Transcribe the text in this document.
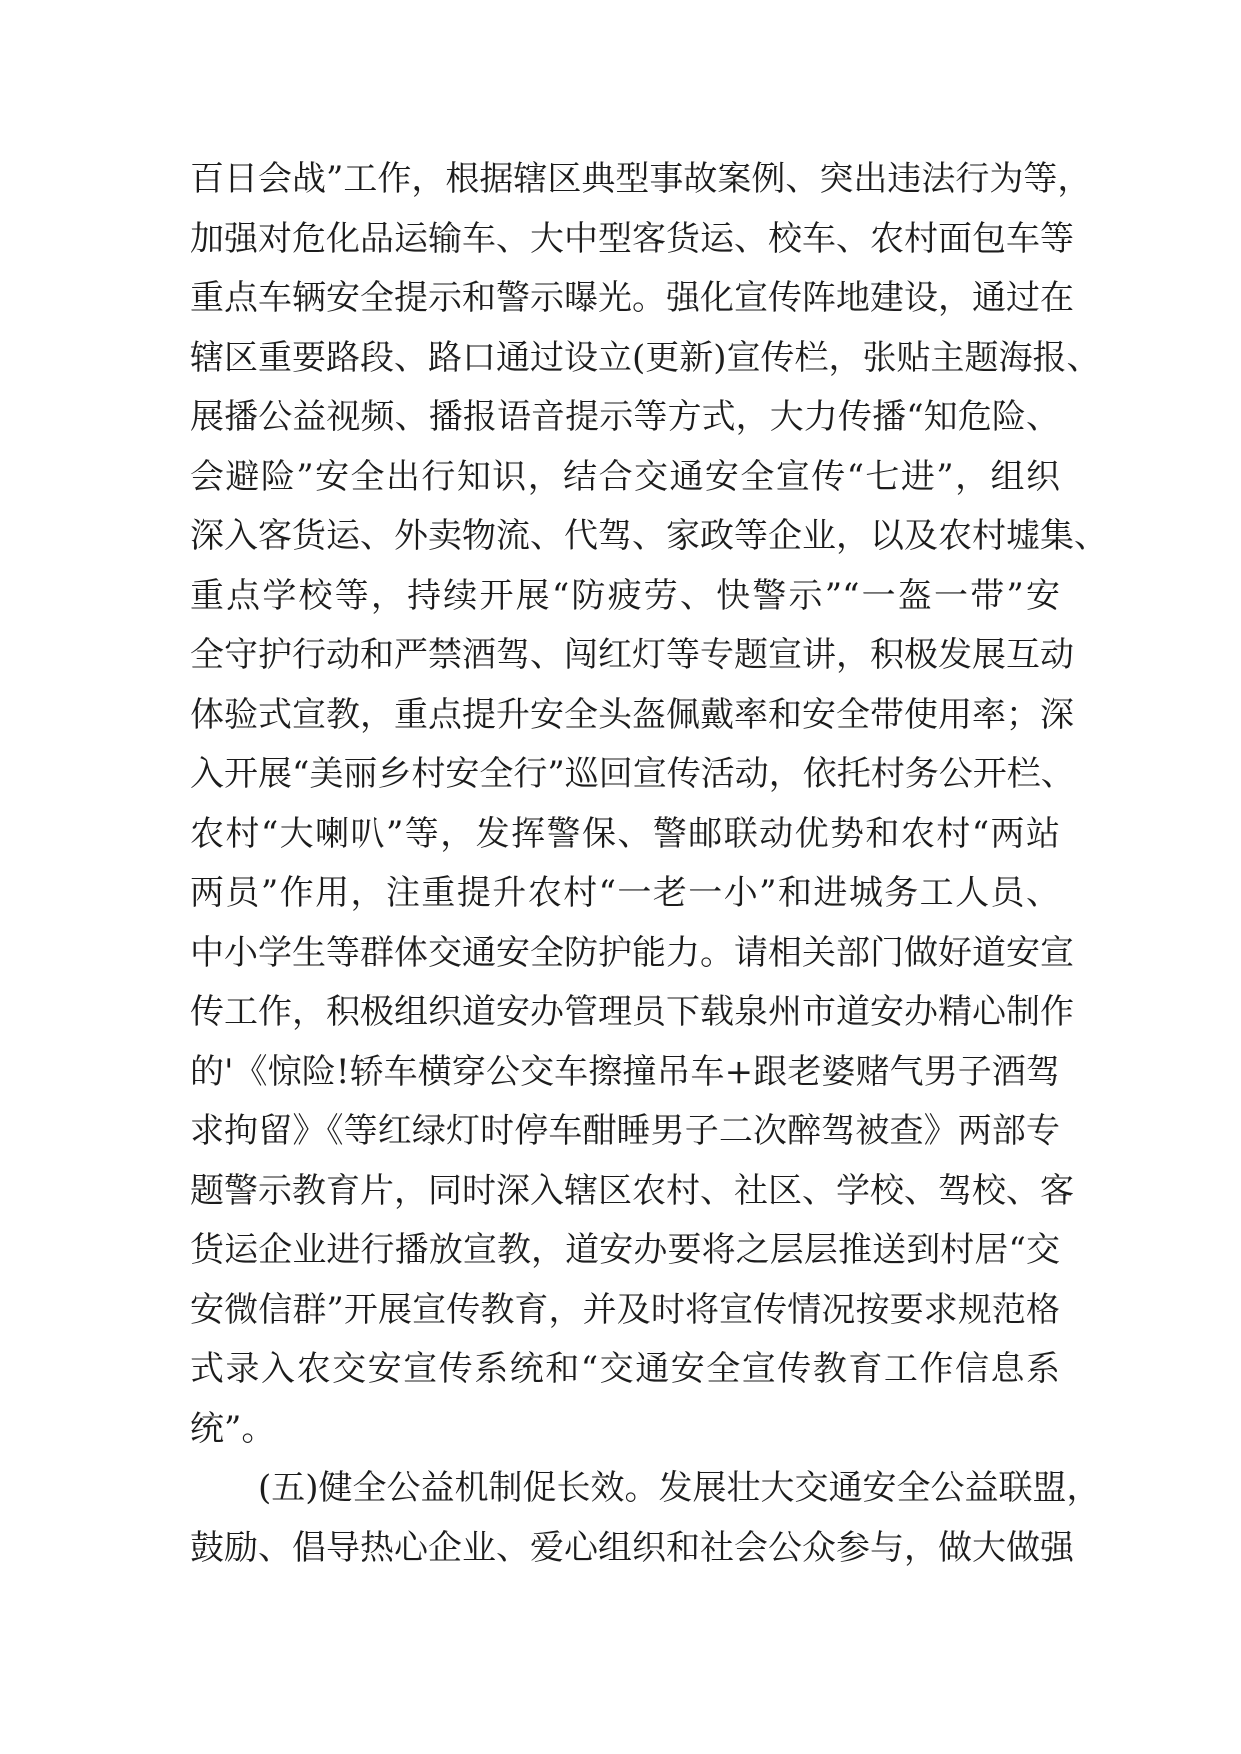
百日会战”工作，根据辖区典型事故案例、突出违法行为等，
加强对危化品运输车、大中型客货运、校车、农村面包车等
重点车辆安全提示和警示曝光。强化宣传阵地建设，通过在
辖区重要路段、路口通过设立(更新)宣传栏，张贴主题海报、
展播公益视频、播报语音提示等方式，大力传播“知危险、
会避险”安全出行知识，结合交通安全宣传“七进”，组织
深入客货运、外卖物流、代驾、家政等企业，以及农村墟集、
重点学校等，持续开展“防疲劳、快警示”“一盔一带”安
全守护行动和严禁酒驾、闯红灯等专题宣讲，积极发展互动
体验式宣教，重点提升安全头盔佩戴率和安全带使用率；深
入开展“美丽乡村安全行”巡回宣传活动，依托村务公开栏、
农村“大喇叭”等，发挥警保、警邮联动优势和农村“两站
两员”作用，注重提升农村“一老一小”和进城务工人员、
中小学生等群体交通安全防护能力。请相关部门做好道安宣
传工作，积极组织道安办管理员下载泉州市道安办精心制作
的'《惊险!轿车横穿公交车擦撞吊车+跟老婆赌气男子酒驾
求拘留》《等红绿灯时停车酣睡男子二次醉驾被查》两部专
题警示教育片，同时深入辖区农村、社区、学校、驾校、客
货运企业进行播放宣教，道安办要将之层层推送到村居“交
安微信群”开展宣传教育，并及时将宣传情况按要求规范格
式录入农交安宣传系统和“交通安全宣传教育工作信息系
统”。
(五)健全公益机制促长效。发展壮大交通安全公益联盟，
鼓励、倡导热心企业、爱心组织和社会公众参与，做大做强
